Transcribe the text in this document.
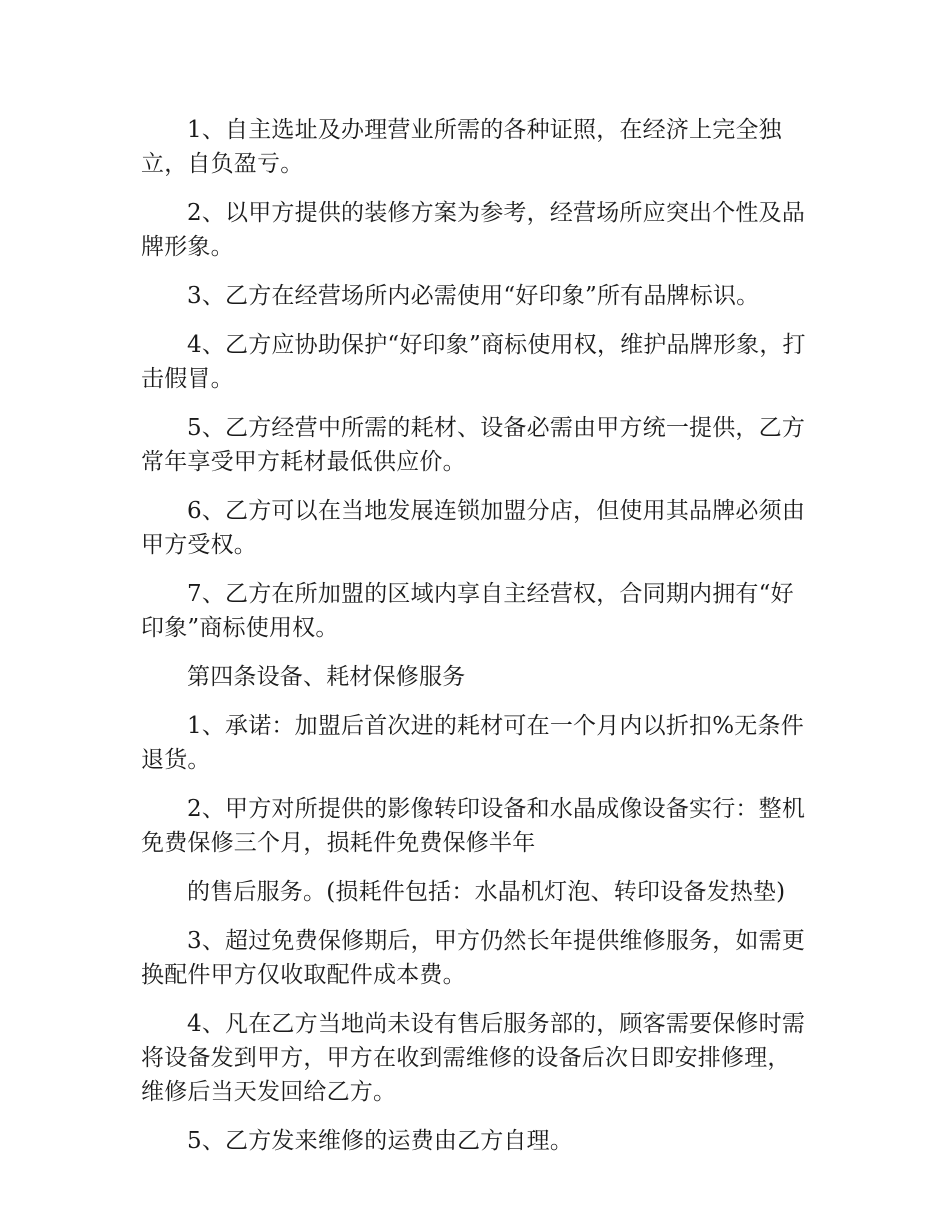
1、自主选址及办理营业所需的各种证照，在经济上完全独立，自负盈亏。

2、以甲方提供的装修方案为参考，经营场所应突出个性及品牌形象。

3、乙方在经营场所内必需使用“好印象”所有品牌标识。

4、乙方应协助保护“好印象”商标使用权，维护品牌形象，打击假冒。

5、乙方经营中所需的耗材、设备必需由甲方统一提供，乙方常年享受甲方耗材最低供应价。

6、乙方可以在当地发展连锁加盟分店，但使用其品牌必须由甲方受权。

7、乙方在所加盟的区域内享自主经营权，合同期内拥有“好印象”商标使用权。

第四条设备、耗材保修服务

1、承诺：加盟后首次进的耗材可在一个月内以折扣%无条件退货。

2、甲方对所提供的影像转印设备和水晶成像设备实行：整机免费保修三个月，损耗件免费保修半年

的售后服务。(损耗件包括：水晶机灯泡、转印设备发热垫)

3、超过免费保修期后，甲方仍然长年提供维修服务，如需更换配件甲方仅收取配件成本费。

4、凡在乙方当地尚未设有售后服务部的，顾客需要保修时需将设备发到甲方，甲方在收到需维修的设备后次日即安排修理，维修后当天发回给乙方。

5、乙方发来维修的运费由乙方自理。
